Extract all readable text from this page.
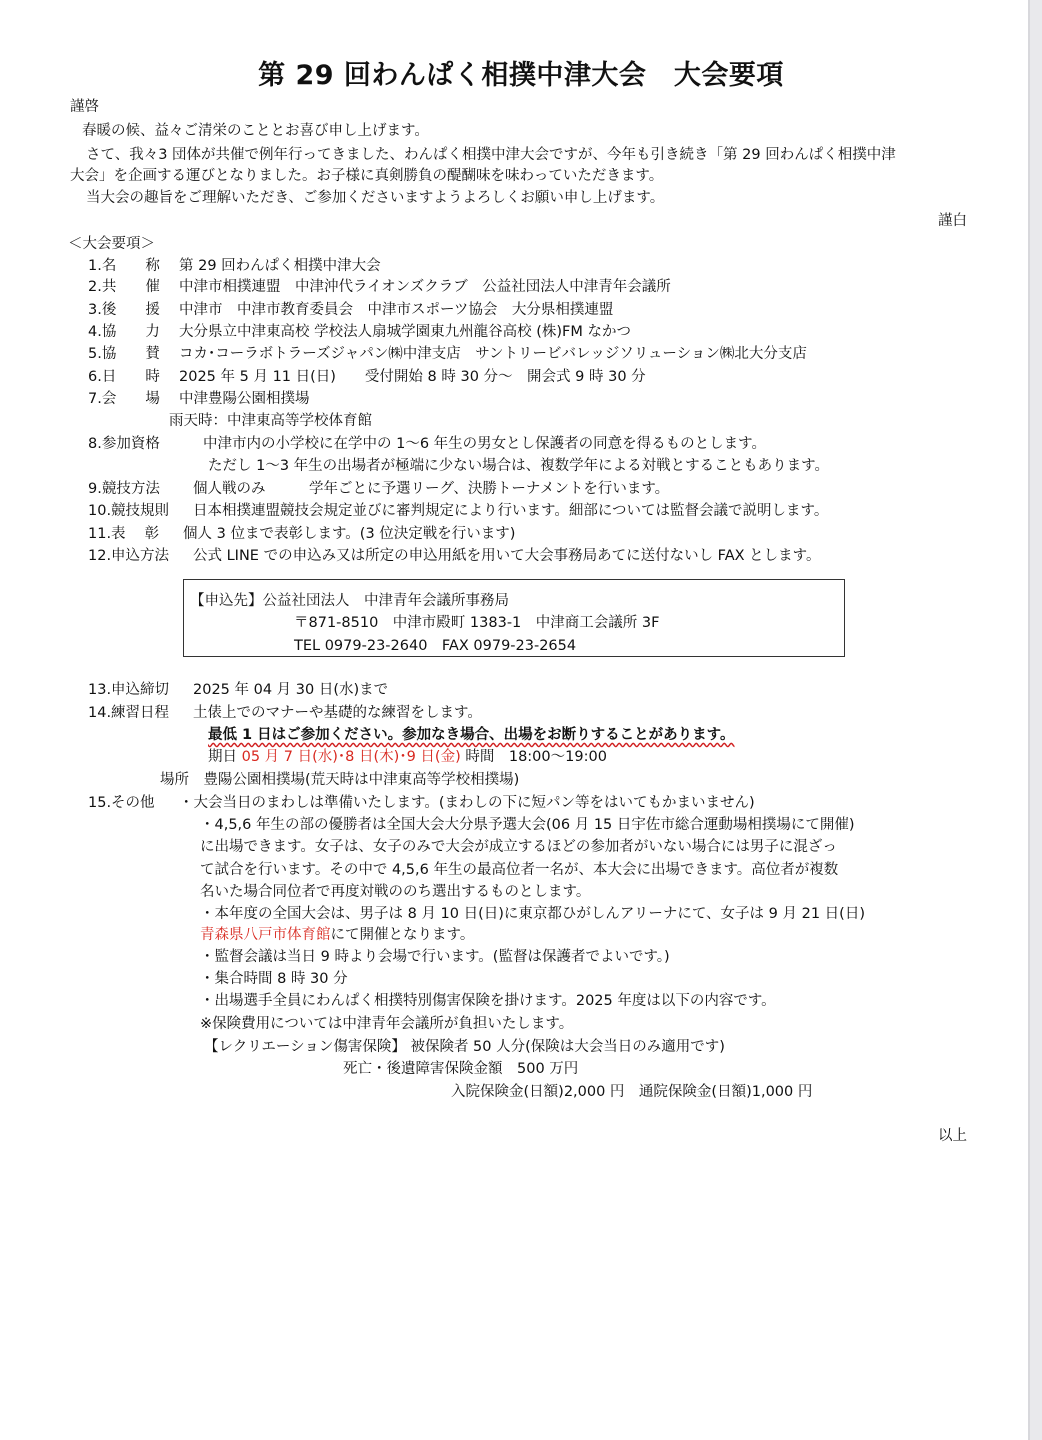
第 29 回わんぱく相撲中津大会　大会要項
謹啓
春暖の候、益々ご清栄のこととお喜び申し上げます。
さて、我々3 団体が共催で例年行ってきました、わんぱく相撲中津大会ですが、今年も引き続き「第 29 回わんぱく相撲中津
大会」を企画する運びとなりました。お子様に真剣勝負の醍醐味を味わっていただきます。
当大会の趣旨をご理解いただき、ご参加くださいますようよろしくお願い申し上げます。
謹白
＜大会要項＞
1.名　　称 第 29 回わんぱく相撲中津大会
2.共　　催 中津市相撲連盟　中津沖代ライオンズクラブ　公益社団法人中津青年会議所
3.後　　援 中津市　中津市教育委員会　中津市スポーツ協会　大分県相撲連盟
4.協　　力 大分県立中津東高校 学校法人扇城学園東九州龍谷高校 (株)FM なかつ
5.協　　賛 コカ･コーラボトラーズジャパン㈱中津支店　サントリービバレッジソリューション㈱北大分支店
6.日　　時 2025 年 5 月 11 日(日)　　受付開始 8 時 30 分～　開会式 9 時 30 分
7.会　　場 中津豊陽公園相撲場
雨天時：中津東高等学校体育館
8.参加資格	中津市内の小学校に在学中の 1～6 年生の男女とし保護者の同意を得るものとします。
ただし 1～3 年生の出場者が極端に少ない場合は、複数学年による対戦とすることもあります。
9.競技方法 個人戦のみ　　　学年ごとに予選リーグ、決勝トーナメントを行います。
10.競技規則 日本相撲連盟競技会規定並びに審判規定により行います。細部については監督会議で説明します。
11.表　 彰 個人 3 位まで表彰します。(3 位決定戦を行います)
12.申込方法 公式 LINE での申込み又は所定の申込用紙を用いて大会事務局あてに送付ないし FAX とします。
【申込先】公益社団法人　中津青年会議所事務局
〒871-8510　中津市殿町 1383-1　中津商工会議所 3F
TEL 0979-23-2640　FAX 0979-23-2654
13.申込締切 2025 年 04 月 30 日(水)まで
14.練習日程 土俵上でのマナーや基礎的な練習をします。
最低 1 日はご参加ください。参加なき場合、出場をお断りすることがあります。
期日 05 月 7 日(水)･8 日(木)･9 日(金) 時間　18:00～19:00
場所　豊陽公園相撲場(荒天時は中津東高等学校相撲場)
15.その他 ・大会当日のまわしは準備いたします。(まわしの下に短パン等をはいてもかまいません)
・4,5,6 年生の部の優勝者は全国大会大分県予選大会(06 月 15 日宇佐市総合運動場相撲場にて開催)
に出場できます。女子は、女子のみで大会が成立するほどの参加者がいない場合には男子に混ざっ
て試合を行います。その中で 4,5,6 年生の最高位者一名が、本大会に出場できます。高位者が複数
名いた場合同位者で再度対戦ののち選出するものとします。
・本年度の全国大会は、男子は 8 月 10 日(日)に東京都ひがしんアリーナにて、女子は 9 月 21 日(日)
青森県八戸市体育館にて開催となります。
・監督会議は当日 9 時より会場で行います。(監督は保護者でよいです。)
・集合時間 8 時 30 分
・出場選手全員にわんぱく相撲特別傷害保険を掛けます。2025 年度は以下の内容です。
※保険費用については中津青年会議所が負担いたします。
【レクリエーション傷害保険】 被保険者 50 人分(保険は大会当日のみ適用です)
死亡・後遺障害保険金額　500 万円
入院保険金(日額)2,000 円　通院保険金(日額)1,000 円
以上
